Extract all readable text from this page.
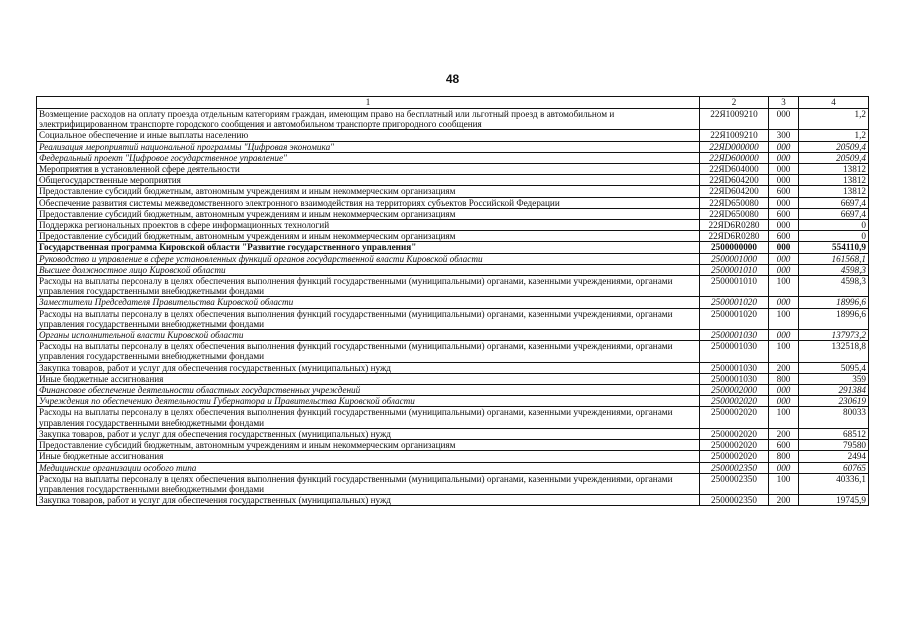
48
1	2	3	4
Возмещение расходов на оплату проезда отдельным категориям граждан, имеющим право на бесплатный или льготный проезд в автомобильном и электрифицированном транспорте городского сообщения и автомобильном транспорте пригородного сообщения	22Я1009210	000	1,2
Социальное обеспечение и иные выплаты населению	22Я1009210	300	1,2
Реализация мероприятий национальной программы "Цифровая экономика"	22ЯD000000	000	20509,4
Федеральный проект "Цифровое государственное управление"	22ЯD600000	000	20509,4
Мероприятия в установленной сфере деятельности	22ЯD604000	000	13812
Общегосударственные мероприятия	22ЯD604200	000	13812
Предоставление субсидий бюджетным, автономным учреждениям и иным некоммерческим организациям	22ЯD604200	600	13812
Обеспечение развития системы межведомственного электронного взаимодействия на территориях субъектов Российской Федерации	22ЯD650080	000	6697,4
Предоставление субсидий бюджетным, автономным учреждениям и иным некоммерческим организациям	22ЯD650080	600	6697,4
Поддержка региональных проектов в сфере информационных технологий	22ЯD6R0280	000	0
Предоставление субсидий бюджетным, автономным учреждениям и иным некоммерческим организациям	22ЯD6R0280	600	0
Государственная программа Кировской области "Развитие государственного управления"	2500000000	000	554110,9
Руководство и управление в сфере установленных функций органов государственной власти Кировской области	2500001000	000	161568,1
Высшее должностное лицо Кировской области	2500001010	000	4598,3
Расходы на выплаты персоналу в целях обеспечения выполнения функций государственными (муниципальными) органами, казенными учреждениями, органами управления государственными внебюджетными фондами	2500001010	100	4598,3
Заместители Председателя Правительства Кировской области	2500001020	000	18996,6
Расходы на выплаты персоналу в целях обеспечения выполнения функций государственными (муниципальными) органами, казенными учреждениями, органами управления государственными внебюджетными фондами	2500001020	100	18996,6
Органы исполнительной власти Кировской области	2500001030	000	137973,2
Расходы на выплаты персоналу в целях обеспечения выполнения функций государственными (муниципальными) органами, казенными учреждениями, органами управления государственными внебюджетными фондами	2500001030	100	132518,8
Закупка товаров, работ и услуг для обеспечения государственных (муниципальных) нужд	2500001030	200	5095,4
Иные бюджетные ассигнования	2500001030	800	359
Финансовое обеспечение деятельности областных государственных учреждений	2500002000	000	291384
Учреждения по обеспечению деятельности Губернатора и Правительства Кировской области	2500002020	000	230619
Расходы на выплаты персоналу в целях обеспечения выполнения функций государственными (муниципальными) органами, казенными учреждениями, органами управления государственными внебюджетными фондами	2500002020	100	80033
Закупка товаров, работ и услуг для обеспечения государственных (муниципальных) нужд	2500002020	200	68512
Предоставление субсидий бюджетным, автономным учреждениям и иным некоммерческим организациям	2500002020	600	79580
Иные бюджетные ассигнования	2500002020	800	2494
Медицинские организации особого типа	2500002350	000	60765
Расходы на выплаты персоналу в целях обеспечения выполнения функций государственными (муниципальными) органами, казенными учреждениями, органами управления государственными внебюджетными фондами	2500002350	100	40336,1
Закупка товаров, работ и услуг для обеспечения государственных (муниципальных) нужд	2500002350	200	19745,9
